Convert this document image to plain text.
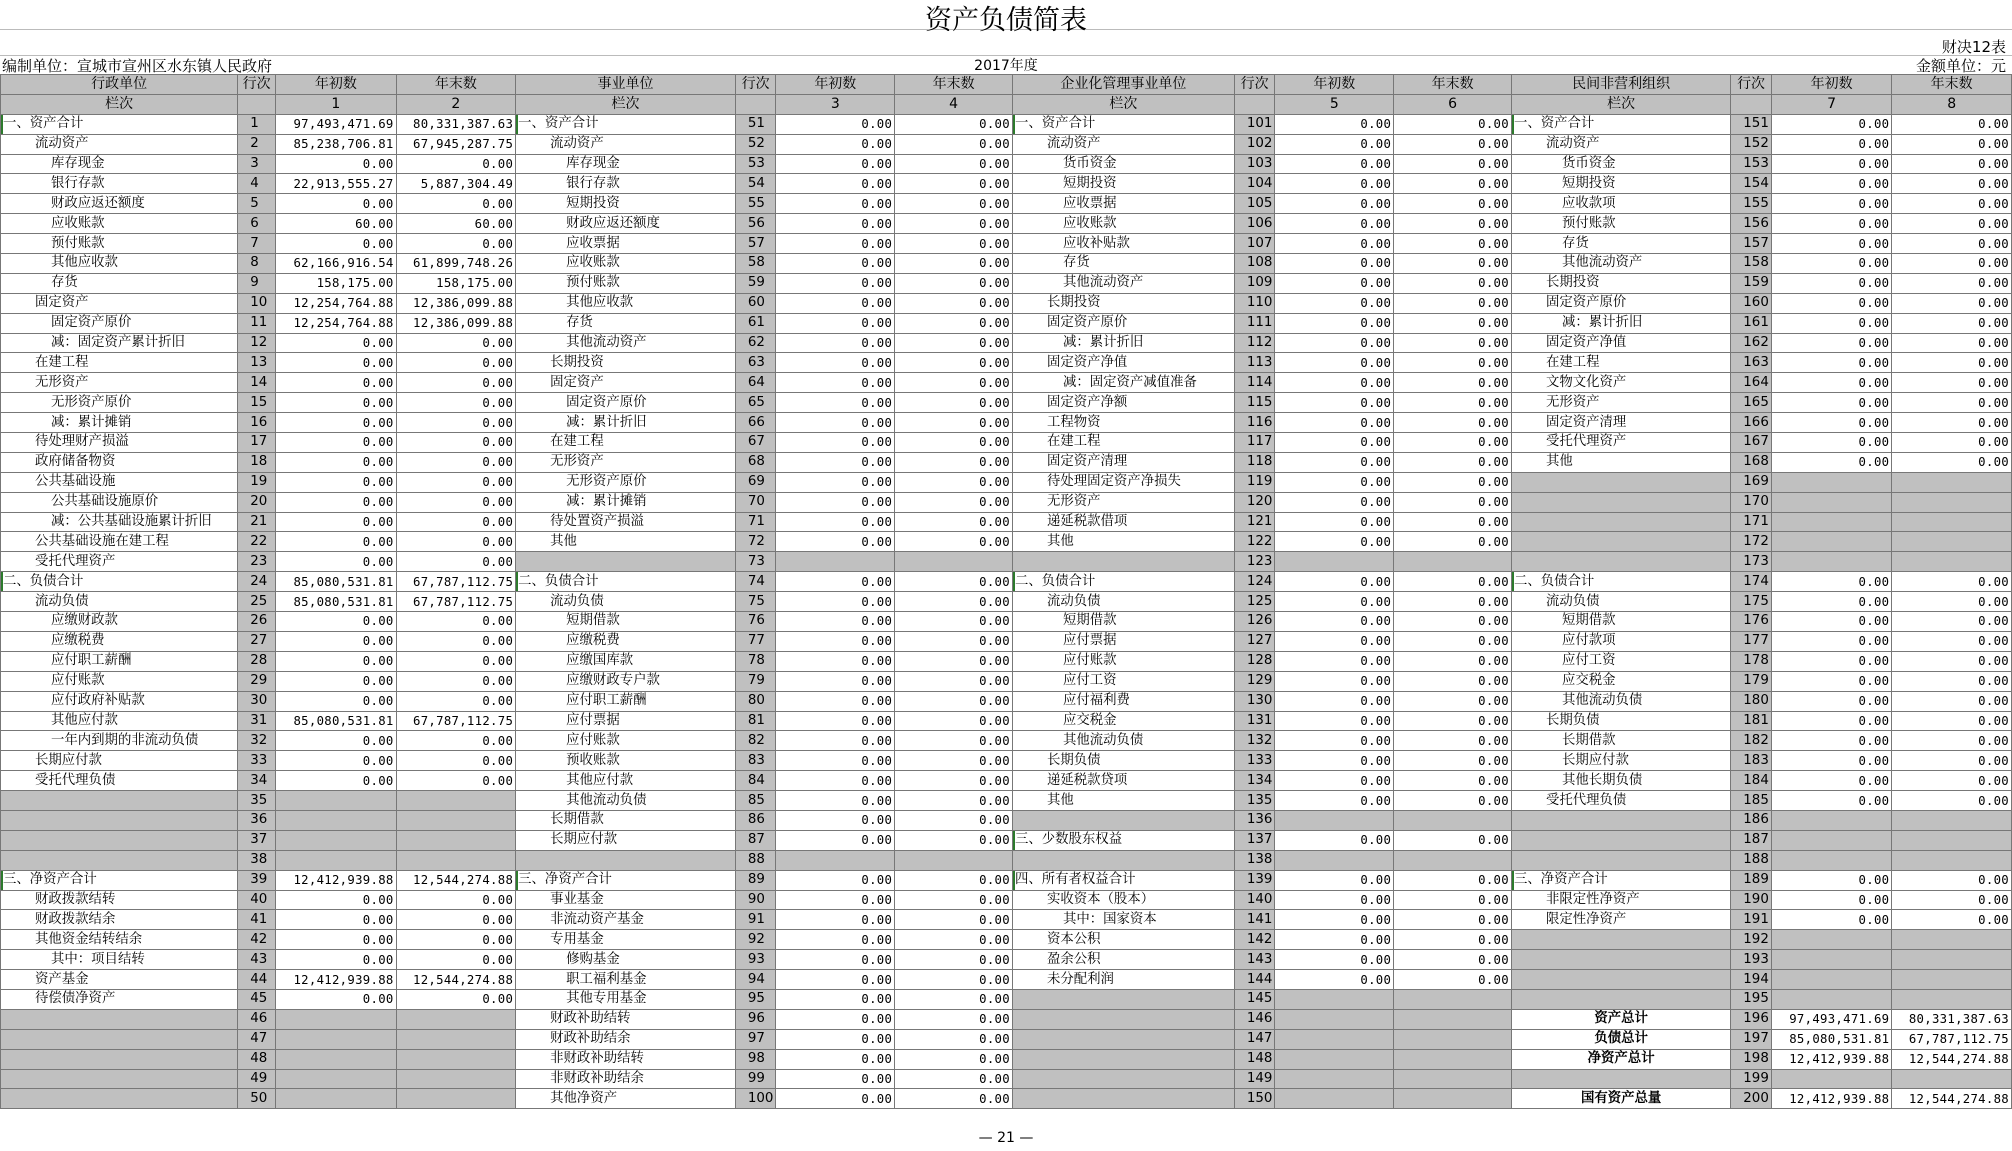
资产负债简表
财决12表
编制单位：宣城市宣州区水东镇人民政府	2017年度	金额单位：元
行政单位	行次	年初数	年末数	事业单位	行次	年初数	年末数	企业化管理事业单位	行次	年初数	年末数	民间非营利组织	行次	年初数	年末数
栏次		1	2	栏次		3	4	栏次		5	6	栏次		7	8
一、资产合计	1	97,493,471.69	80,331,387.63	一、资产合计	51	0.00	0.00	一、资产合计	101	0.00	0.00	一、资产合计	151	0.00	0.00
流动资产	2	85,238,706.81	67,945,287.75	流动资产	52	0.00	0.00	流动资产	102	0.00	0.00	流动资产	152	0.00	0.00
库存现金	3	0.00	0.00	库存现金	53	0.00	0.00	货币资金	103	0.00	0.00	货币资金	153	0.00	0.00
银行存款	4	22,913,555.27	5,887,304.49	银行存款	54	0.00	0.00	短期投资	104	0.00	0.00	短期投资	154	0.00	0.00
财政应返还额度	5	0.00	0.00	短期投资	55	0.00	0.00	应收票据	105	0.00	0.00	应收款项	155	0.00	0.00
应收账款	6	60.00	60.00	财政应返还额度	56	0.00	0.00	应收账款	106	0.00	0.00	预付账款	156	0.00	0.00
预付账款	7	0.00	0.00	应收票据	57	0.00	0.00	应收补贴款	107	0.00	0.00	存货	157	0.00	0.00
其他应收款	8	62,166,916.54	61,899,748.26	应收账款	58	0.00	0.00	存货	108	0.00	0.00	其他流动资产	158	0.00	0.00
存货	9	158,175.00	158,175.00	预付账款	59	0.00	0.00	其他流动资产	109	0.00	0.00	长期投资	159	0.00	0.00
固定资产	10	12,254,764.88	12,386,099.88	其他应收款	60	0.00	0.00	长期投资	110	0.00	0.00	固定资产原价	160	0.00	0.00
固定资产原价	11	12,254,764.88	12,386,099.88	存货	61	0.00	0.00	固定资产原价	111	0.00	0.00	减：累计折旧	161	0.00	0.00
减：固定资产累计折旧	12	0.00	0.00	其他流动资产	62	0.00	0.00	减：累计折旧	112	0.00	0.00	固定资产净值	162	0.00	0.00
在建工程	13	0.00	0.00	长期投资	63	0.00	0.00	固定资产净值	113	0.00	0.00	在建工程	163	0.00	0.00
无形资产	14	0.00	0.00	固定资产	64	0.00	0.00	减：固定资产减值准备	114	0.00	0.00	文物文化资产	164	0.00	0.00
无形资产原价	15	0.00	0.00	固定资产原价	65	0.00	0.00	固定资产净额	115	0.00	0.00	无形资产	165	0.00	0.00
减：累计摊销	16	0.00	0.00	减：累计折旧	66	0.00	0.00	工程物资	116	0.00	0.00	固定资产清理	166	0.00	0.00
待处理财产损溢	17	0.00	0.00	在建工程	67	0.00	0.00	在建工程	117	0.00	0.00	受托代理资产	167	0.00	0.00
政府储备物资	18	0.00	0.00	无形资产	68	0.00	0.00	固定资产清理	118	0.00	0.00	其他	168	0.00	0.00
公共基础设施	19	0.00	0.00	无形资产原价	69	0.00	0.00	待处理固定资产净损失	119	0.00	0.00		169		
公共基础设施原价	20	0.00	0.00	减：累计摊销	70	0.00	0.00	无形资产	120	0.00	0.00		170		
减：公共基础设施累计折旧	21	0.00	0.00	待处置资产损溢	71	0.00	0.00	递延税款借项	121	0.00	0.00		171		
公共基础设施在建工程	22	0.00	0.00	其他	72	0.00	0.00	其他	122	0.00	0.00		172		
受托代理资产	23	0.00	0.00		73				123				173		
二、负债合计	24	85,080,531.81	67,787,112.75	二、负债合计	74	0.00	0.00	二、负债合计	124	0.00	0.00	二、负债合计	174	0.00	0.00
流动负债	25	85,080,531.81	67,787,112.75	流动负债	75	0.00	0.00	流动负债	125	0.00	0.00	流动负债	175	0.00	0.00
应缴财政款	26	0.00	0.00	短期借款	76	0.00	0.00	短期借款	126	0.00	0.00	短期借款	176	0.00	0.00
应缴税费	27	0.00	0.00	应缴税费	77	0.00	0.00	应付票据	127	0.00	0.00	应付款项	177	0.00	0.00
应付职工薪酬	28	0.00	0.00	应缴国库款	78	0.00	0.00	应付账款	128	0.00	0.00	应付工资	178	0.00	0.00
应付账款	29	0.00	0.00	应缴财政专户款	79	0.00	0.00	应付工资	129	0.00	0.00	应交税金	179	0.00	0.00
应付政府补贴款	30	0.00	0.00	应付职工薪酬	80	0.00	0.00	应付福利费	130	0.00	0.00	其他流动负债	180	0.00	0.00
其他应付款	31	85,080,531.81	67,787,112.75	应付票据	81	0.00	0.00	应交税金	131	0.00	0.00	长期负债	181	0.00	0.00
一年内到期的非流动负债	32	0.00	0.00	应付账款	82	0.00	0.00	其他流动负债	132	0.00	0.00	长期借款	182	0.00	0.00
长期应付款	33	0.00	0.00	预收账款	83	0.00	0.00	长期负债	133	0.00	0.00	长期应付款	183	0.00	0.00
受托代理负债	34	0.00	0.00	其他应付款	84	0.00	0.00	递延税款贷项	134	0.00	0.00	其他长期负债	184	0.00	0.00
	35			其他流动负债	85	0.00	0.00	其他	135	0.00	0.00	受托代理负债	185	0.00	0.00
	36			长期借款	86	0.00	0.00		136				186		
	37			长期应付款	87	0.00	0.00	三、少数股东权益	137	0.00	0.00		187		
	38				88				138				188		
三、净资产合计	39	12,412,939.88	12,544,274.88	三、净资产合计	89	0.00	0.00	四、所有者权益合计	139	0.00	0.00	三、净资产合计	189	0.00	0.00
财政拨款结转	40	0.00	0.00	事业基金	90	0.00	0.00	实收资本（股本）	140	0.00	0.00	非限定性净资产	190	0.00	0.00
财政拨款结余	41	0.00	0.00	非流动资产基金	91	0.00	0.00	其中：国家资本	141	0.00	0.00	限定性净资产	191	0.00	0.00
其他资金结转结余	42	0.00	0.00	专用基金	92	0.00	0.00	资本公积	142	0.00	0.00		192		
其中：项目结转	43	0.00	0.00	修购基金	93	0.00	0.00	盈余公积	143	0.00	0.00		193		
资产基金	44	12,412,939.88	12,544,274.88	职工福利基金	94	0.00	0.00	未分配利润	144	0.00	0.00		194		
待偿债净资产	45	0.00	0.00	其他专用基金	95	0.00	0.00		145				195		
	46			财政补助结转	96	0.00	0.00		146			资产总计	196	97,493,471.69	80,331,387.63
	47			财政补助结余	97	0.00	0.00		147			负债总计	197	85,080,531.81	67,787,112.75
	48			非财政补助结转	98	0.00	0.00		148			净资产总计	198	12,412,939.88	12,544,274.88
	49			非财政补助结余	99	0.00	0.00		149				199		
	50			其他净资产	100	0.00	0.00		150			国有资产总量	200	12,412,939.88	12,544,274.88
— 21 —
